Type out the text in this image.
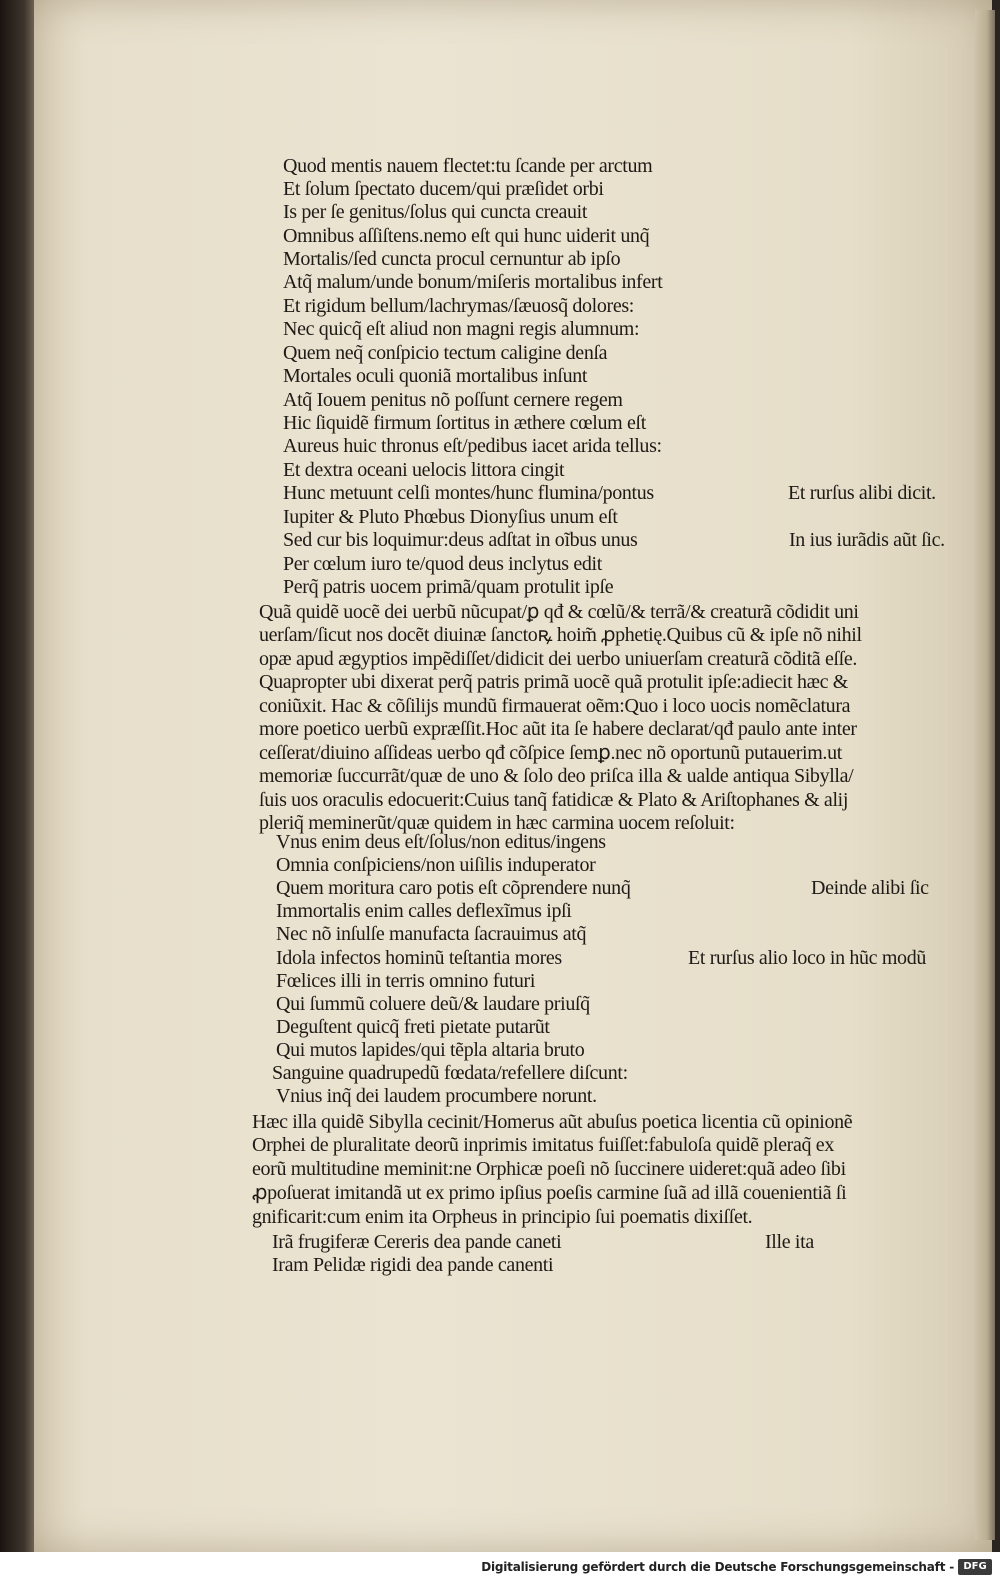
Quod mentis nauem flectet:tu ſcande per arctum
Et ſolum ſpectato ducem/qui præſidet orbi
Is per ſe genitus/ſolus qui cuncta creauit
Omnibus aſſiſtens.nemo eſt qui hunc uiderit unq̃
Mortalis/ſed cuncta procul cernuntur ab ipſo
Atq̃ malum/unde bonum/miſeris mortalibus infert
Et rigidum bellum/lachrymas/ſæuosq̃ dolores:
Nec quicq̃ eſt aliud non magni regis alumnum:
Quem neq̃ conſpicio tectum caligine denſa
Mortales oculi quoniã mortalibus inſunt
Atq̃ Iouem penitus nõ poſſunt cernere regem
Hic ſiquidẽ firmum ſortitus in æthere cœlum eſt
Aureus huic thronus eſt/pedibus iacet arida tellus:
Et dextra oceani uelocis littora cingit
Hunc metuunt celſi montes/hunc flumina/pontus
Iupiter & Pluto Phœbus Dionyſius unum eſt
Sed cur bis loquimur:deus adſtat in oĩbus unus
Per cœlum iuro te/quod deus inclytus edit
Perq̃ patris uocem primã/quam protulit ipſe
Et rurſus alibi dicit.
In ius iurãdis aũt ſic.
Deinde alibi ſic
Et rurſus alio loco in hũc modũ
Ille ita
Quã quidẽ uocẽ dei uerbũ nũcupat/ꝑ qđ & cœlũ/& terrã/& creaturã cõdidit uni
uerſam/ſicut nos docẽt diuinæ ſanctoꝶ hoim̃ ꝓphetię.Quibus cũ & ipſe nõ nihil
opæ apud ægyptios impẽdiſſet/didicit dei uerbo uniuerſam creaturã cõditã eſſe.
Quapropter ubi dixerat perq̃ patris primã uocẽ quã protulit ipſe:adiecit hæc &
coniũxit. Hac & cõſilijs mundũ firmauerat oẽm:Quo i loco uocis nomẽclatura
more poetico uerbũ expræſſit.Hoc aũt ita ſe habere declarat/qđ paulo ante inter
ceſſerat/diuino aſſideas uerbo qđ cõſpice ſemꝑ.nec nõ oportunũ putauerim.ut
memoriæ ſuccurrãt/quæ de uno & ſolo deo priſca illa & ualde antiqua Sibylla/
ſuis uos oraculis edocuerit:Cuius tanq̃ fatidicæ & Plato & Ariſtophanes & alij
pleriq̃ meminerũt/quæ quidem in hæc carmina uocem reſoluit:
Vnus enim deus eſt/ſolus/non editus/ingens
Omnia conſpiciens/non uiſilis induperator
Quem moritura caro potis eſt cõprendere nunq̃
Immortalis enim calles deflexĩmus ipſi
Nec nõ inſulſe manufacta ſacrauimus atq̃
Idola infectos hominũ teſtantia mores
Fœlices illi in terris omnino futuri
Qui ſummũ coluere deũ/& laudare priuſq̃
Deguſtent quicq̃ freti pietate putarũt
Qui mutos lapides/qui tẽpla altaria bruto
Sanguine quadrupedũ fœdata/refellere diſcunt:
Vnius inq̃ dei laudem procumbere norunt.
Hæc illa quidẽ Sibylla cecinit/Homerus aũt abuſus poetica licentia cũ opinionẽ
Orphei de pluralitate deorũ inprimis imitatus fuiſſet:fabuloſa quidẽ pleraq̃ ex
eorũ multitudine meminit:ne Orphicæ poeſi nõ ſuccinere uideret:quã adeo ſibi
ꝓpoſuerat imitandã ut ex primo ipſius poeſis carmine ſuã ad illã couenientiã ſi
gnificarit:cum enim ita Orpheus in principio ſui poematis dixiſſet.
Irã frugiferæ Cereris dea pande caneti
Iram Pelidæ rigidi dea pande canenti
Digitalisierung gefördert durch die Deutsche Forschungsgemeinschaft - DFG
